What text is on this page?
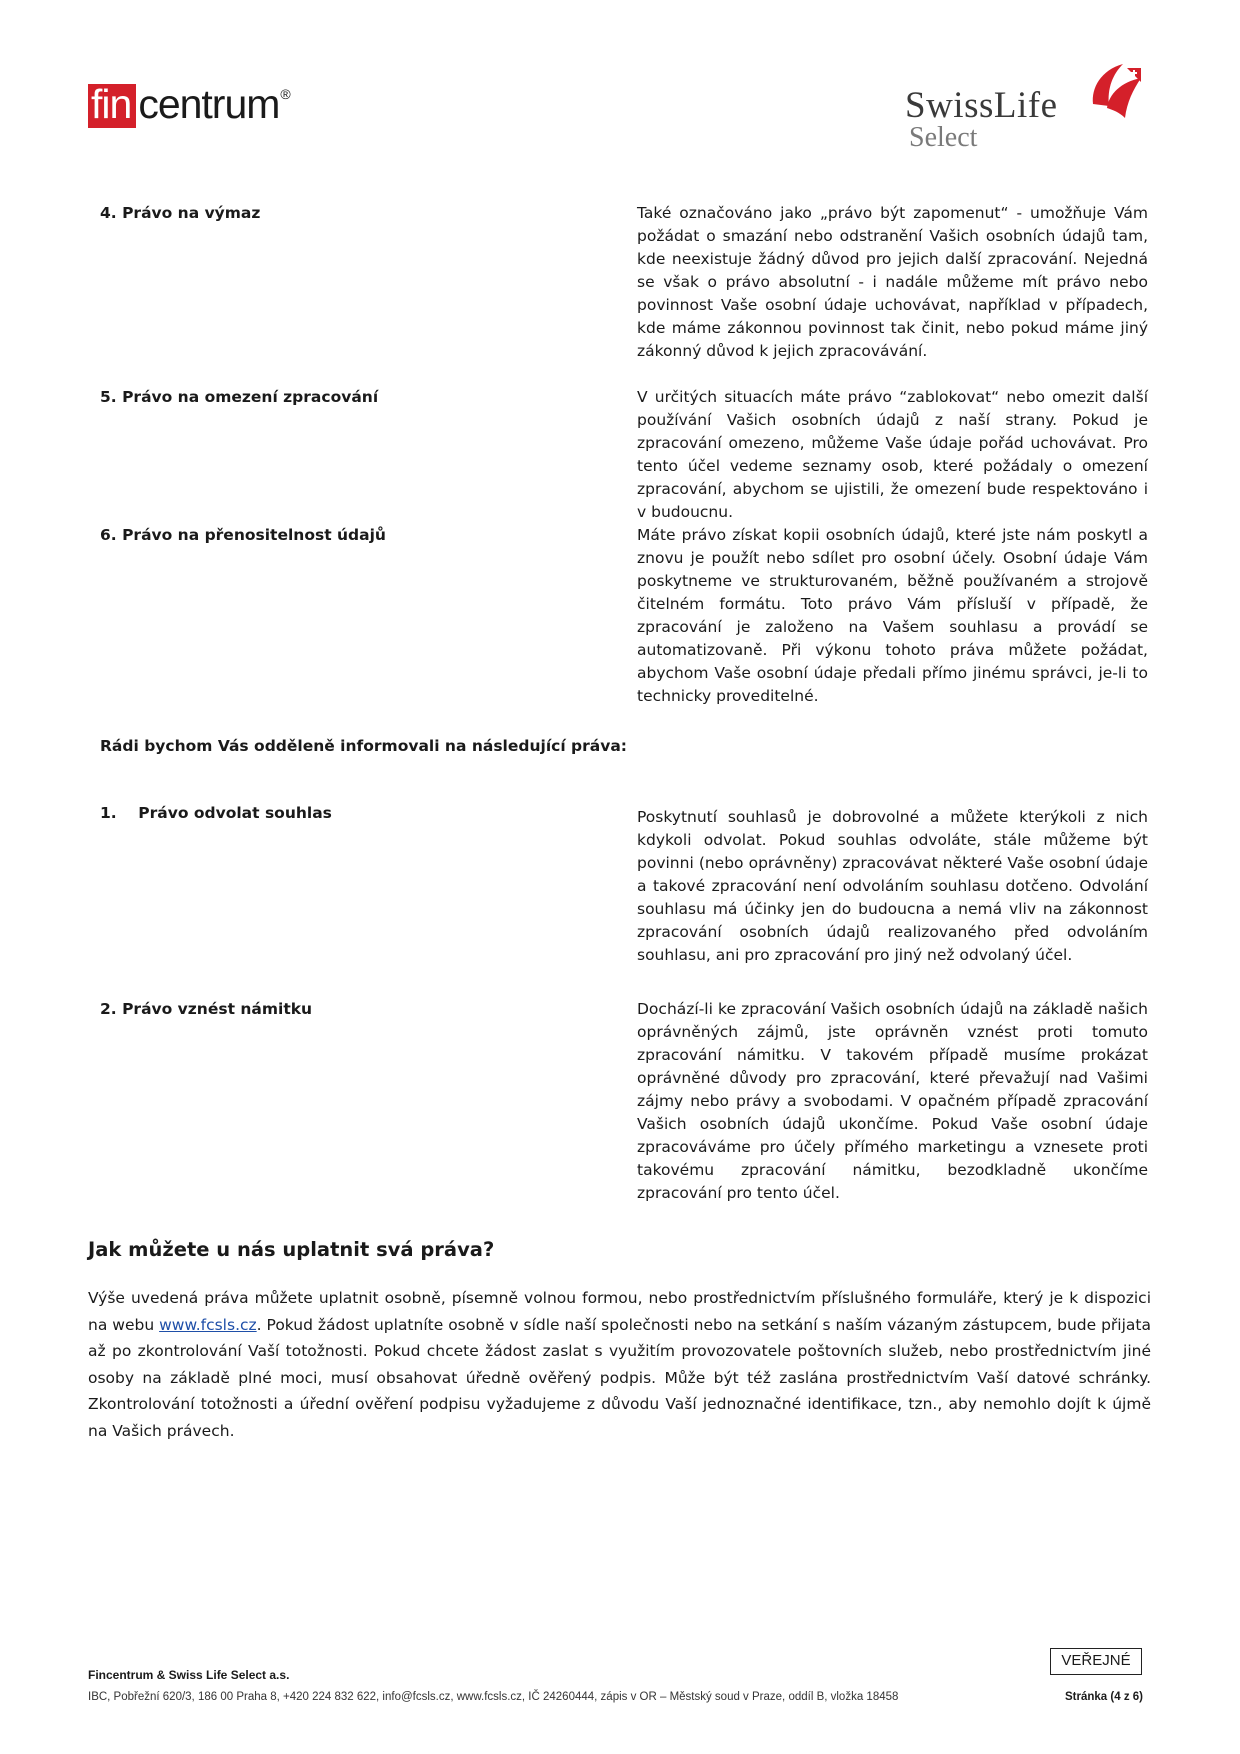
fin centrum ®	SwissLife
Select
4. Právo na výmaz	Také označováno jako „právo být zapomenut“ - umožňuje Vám požádat o smazání nebo odstranění Vašich osobních údajů tam, kde neexistuje žádný důvod pro jejich další zpracování. Nejedná se však o právo absolutní - i nadále můžeme mít právo nebo povinnost Vaše osobní údaje uchovávat, například v případech, kde máme zákonnou povinnost tak činit, nebo pokud máme jiný zákonný důvod k jejich zpracovávání.
5. Právo na omezení zpracování	V určitých situacích máte právo “zablokovat“ nebo omezit další používání Vašich osobních údajů z naší strany. Pokud je zpracování omezeno, můžeme Vaše údaje pořád uchovávat. Pro tento účel vedeme seznamy osob, které požádaly o omezení zpracování, abychom se ujistili, že omezení bude respektováno i v budoucnu.
6. Právo na přenositelnost údajů	Máte právo získat kopii osobních údajů, které jste nám poskytl a znovu je použít nebo sdílet pro osobní účely. Osobní údaje Vám poskytneme ve strukturovaném, běžně používaném a strojově čitelném formátu. Toto právo Vám přísluší v případě, že zpracování je založeno na Vašem souhlasu a provádí se automatizovaně. Při výkonu tohoto práva můžete požádat, abychom Vaše osobní údaje předali přímo jinému správci, je-li to technicky proveditelné.
Rádi bychom Vás odděleně informovali na následující práva:
1.    Právo odvolat souhlas	Poskytnutí souhlasů je dobrovolné a můžete kterýkoli z nich kdykoli odvolat. Pokud souhlas odvoláte, stále můžeme být povinni (nebo oprávněny) zpracovávat některé Vaše osobní údaje a takové zpracování není odvoláním souhlasu dotčeno. Odvolání souhlasu má účinky jen do budoucna a nemá vliv na zákonnost zpracování osobních údajů realizovaného před odvoláním souhlasu, ani pro zpracování pro jiný než odvolaný účel.
2. Právo vznést námitku	Dochází-li ke zpracování Vašich osobních údajů na základě našich oprávněných zájmů, jste oprávněn vznést proti tomuto zpracování námitku. V takovém případě musíme prokázat oprávněné důvody pro zpracování, které převažují nad Vašimi zájmy nebo právy a svobodami. V opačném případě zpracování Vašich osobních údajů ukončíme. Pokud Vaše osobní údaje zpracováváme pro účely přímého marketingu a vznesete proti takovému zpracování námitku, bezodkladně ukončíme zpracování pro tento účel.
Jak můžete u nás uplatnit svá práva?
Výše uvedená práva můžete uplatnit osobně, písemně volnou formou, nebo prostřednictvím příslušného formuláře, který je k dispozici na webu www.fcsls.cz. Pokud žádost uplatníte osobně v sídle naší společnosti nebo na setkání s naším vázaným zástupcem, bude přijata až po zkontrolování Vaší totožnosti. Pokud chcete žádost zaslat s využitím provozovatele poštovních služeb, nebo prostřednictvím jiné osoby na základě plné moci, musí obsahovat úředně ověřený podpis. Může být též zaslána prostřednictvím Vaší datové schránky. Zkontrolování totožnosti a úřední ověření podpisu vyžadujeme z důvodu Vaší jednoznačné identifikace, tzn., aby nemohlo dojít k újmě na Vašich právech.
Fincentrum & Swiss Life Select a.s.
IBC, Pobřežní 620/3, 186 00 Praha 8, +420 224 832 622, info@fcsls.cz, www.fcsls.cz, IČ 24260444, zápis v OR – Městský soud v Praze, oddíl B, vložka 18458
VEŘEJNÉ
Stránka (4 z 6)
